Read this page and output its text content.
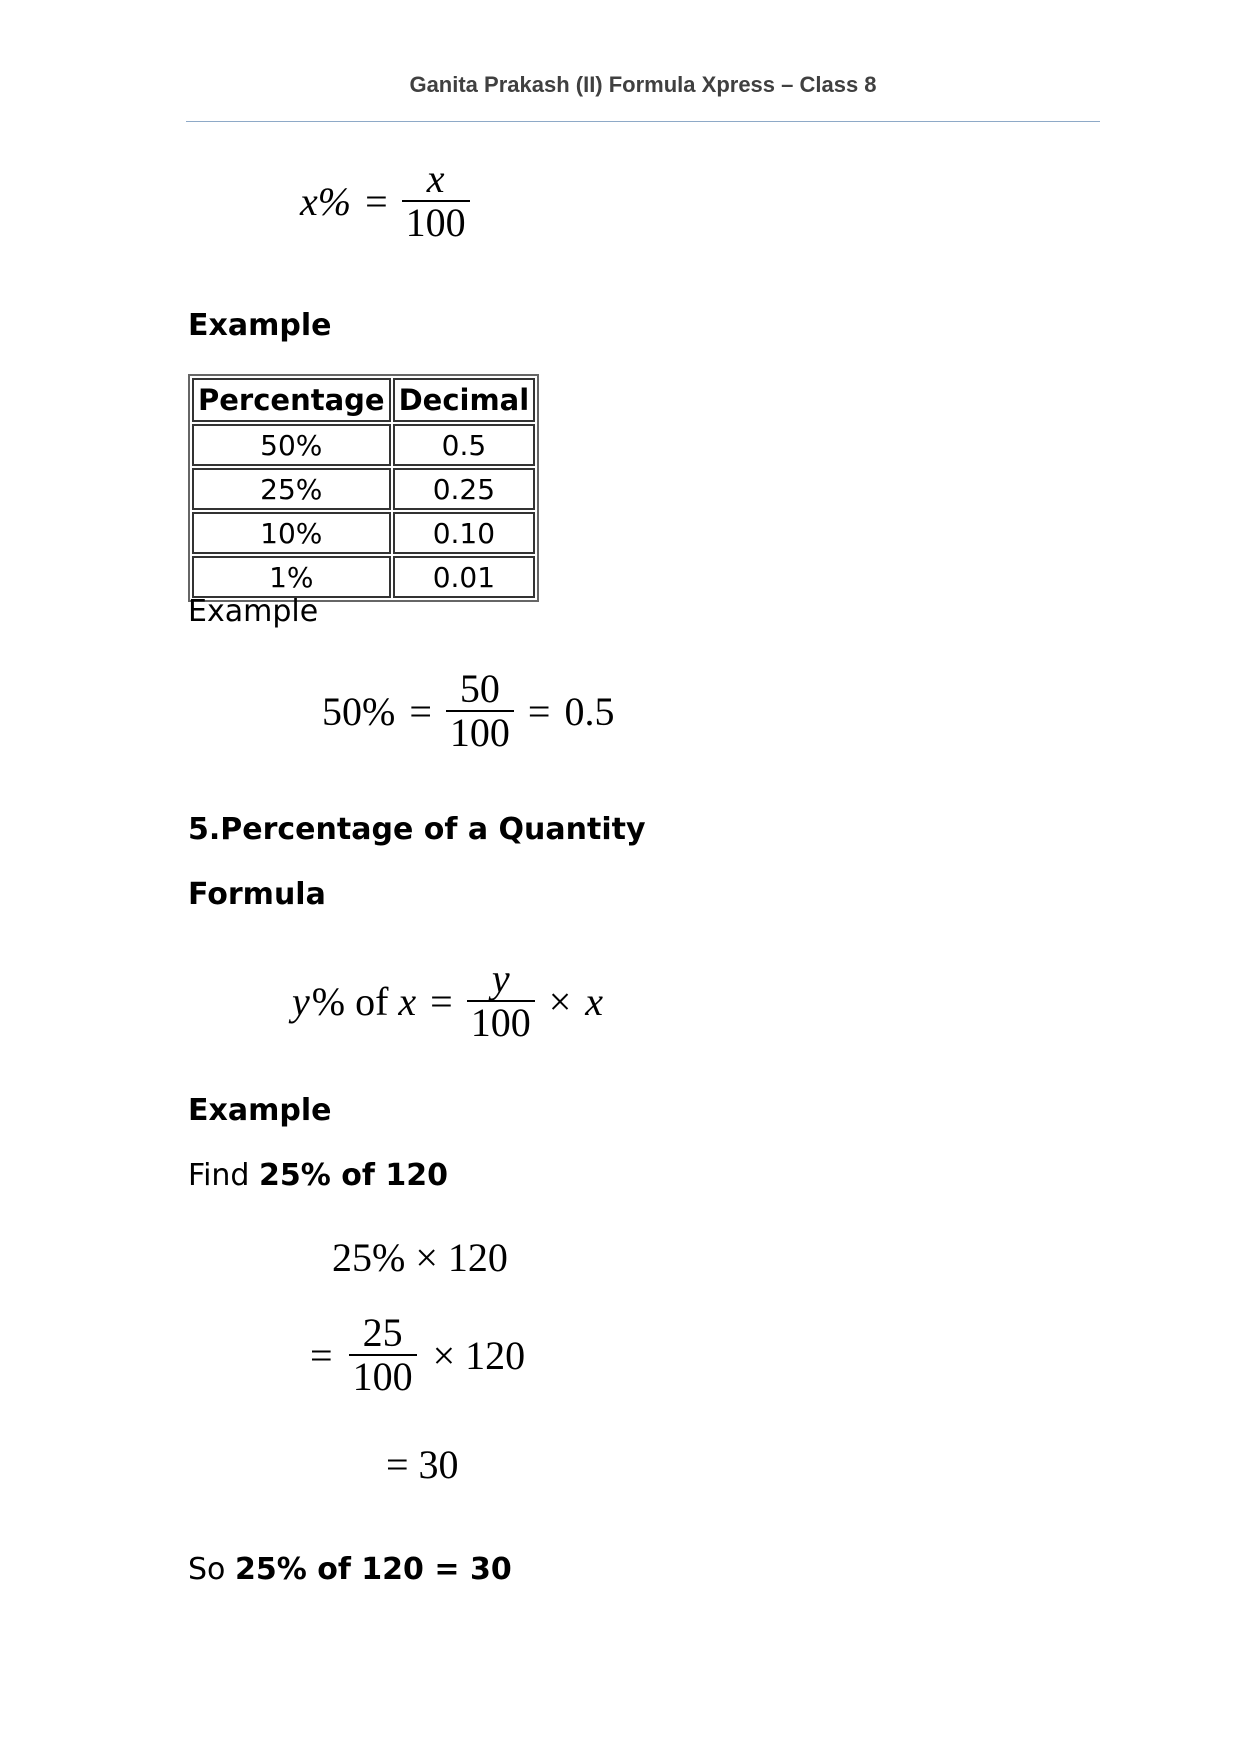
Ganita Prakash (II) Formula Xpress – Class 8
$x\% = \frac{x}{100}$
Example
Percentage	Decimal
50%	0.5
25%	0.25
10%	0.10
1%	0.01
Example
$50\% = \frac{50}{100} = 0.5$
5.Percentage of a Quantity
Formula
y % of $x = \frac{y}{100} \times x$
Example
Find 25% of 120
25% × 120
= $\frac{25}{100} \times 120$
= 30
So 25% of 120 = 30
